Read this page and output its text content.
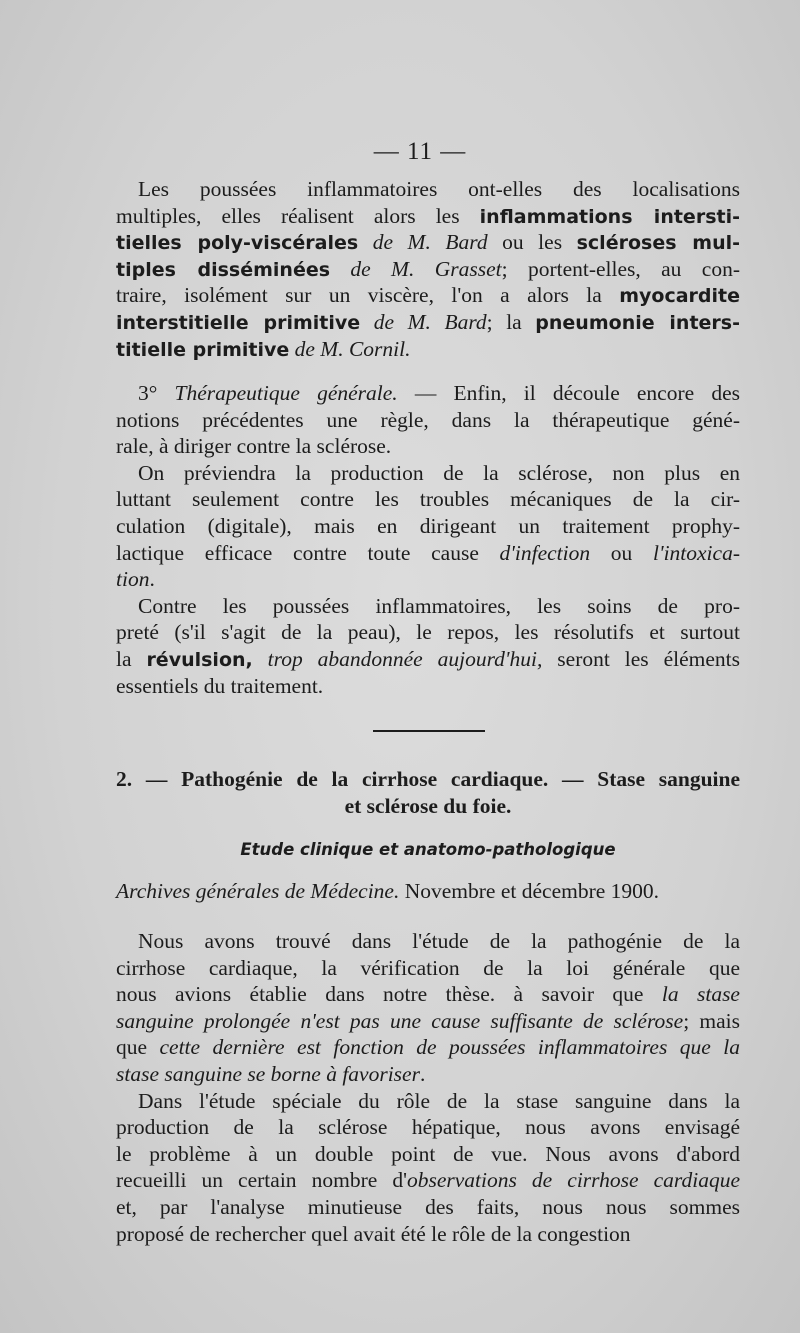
— 11 —
Les poussées inflammatoires ont-elles des localisations
multiples, elles réalisent alors les inflammations intersti-
tielles poly-viscérales de M. Bard ou les scléroses mul-
tiples disséminées de M. Grasset; portent-elles, au con-
traire, isolément sur un viscère, l'on a alors la myocardite
interstitielle primitive de M. Bard; la pneumonie inters-
titielle primitive de M. Cornil.
3° Thérapeutique générale. — Enfin, il découle encore des
notions précédentes une règle, dans la thérapeutique géné-
rale, à diriger contre la sclérose.
On préviendra la production de la sclérose, non plus en
luttant seulement contre les troubles mécaniques de la cir-
culation (digitale), mais en dirigeant un traitement prophy-
lactique efficace contre toute cause d'infection ou l'intoxica-
tion.
Contre les poussées inflammatoires, les soins de pro-
preté (s'il s'agit de la peau), le repos, les résolutifs et surtout
la révulsion, trop abandonnée aujourd'hui, seront les éléments
essentiels du traitement.
2. — Pathogénie de la cirrhose cardiaque. — Stase sanguine
et sclérose du foie.
Etude clinique et anatomo-pathologique
Archives générales de Médecine. Novembre et décembre 1900.
Nous avons trouvé dans l'étude de la pathogénie de la
cirrhose cardiaque, la vérification de la loi générale que
nous avions établie dans notre thèse. à savoir que la stase
sanguine prolongée n'est pas une cause suffisante de sclérose; mais
que cette dernière est fonction de poussées inflammatoires que la
stase sanguine se borne à favoriser.
Dans l'étude spéciale du rôle de la stase sanguine dans la
production de la sclérose hépatique, nous avons envisagé
le problème à un double point de vue. Nous avons d'abord
recueilli un certain nombre d'observations de cirrhose cardiaque
et, par l'analyse minutieuse des faits, nous nous sommes
proposé de rechercher quel avait été le rôle de la congestion
